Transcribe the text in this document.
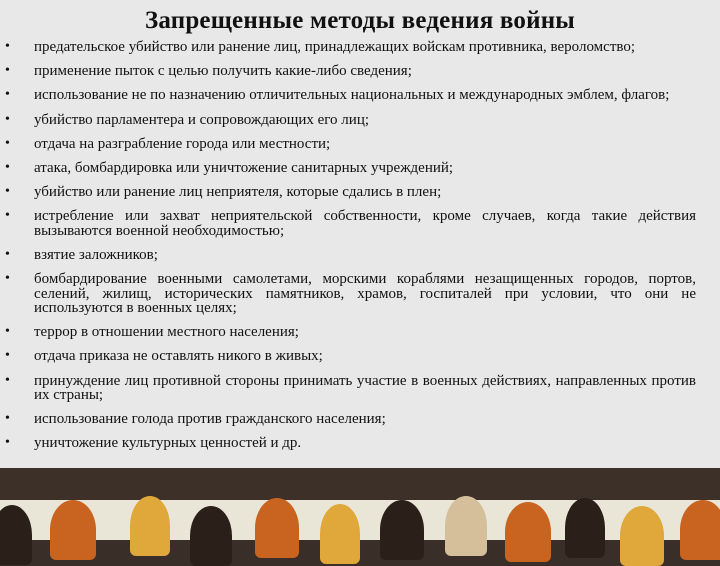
Запрещенные методы ведения войны
• предательское убийство или ранение лиц, принадлежащих войскам противника, вероломство;
• применение пыток с целью получить какие-либо сведения;
• использование не по назначению отличительных национальных и международных эмблем, флагов;
• убийство парламентера и сопровождающих его лиц;
• отдача на разграбление города или местности;
• атака, бомбардировка или уничтожение санитарных учреждений;
• убийство или ранение лиц неприятеля, которые сдались в плен;
• истребление или захват неприятельской собственности, кроме случаев, когда такие действия вызываются военной необходимостью;
• взятие заложников;
• бомбардирование военными самолетами, морскими кораблями незащищенных городов, портов, селений, жилищ, исторических памятников, храмов, госпиталей при условии, что они не используются в военных целях;
• террор в отношении местного населения;
• отдача приказа не оставлять никого в живых;
• принуждение лиц противной стороны принимать участие в военных действиях, направленных против их страны;
• использование голода против гражданского населения;
• уничтожение культурных ценностей и др.
